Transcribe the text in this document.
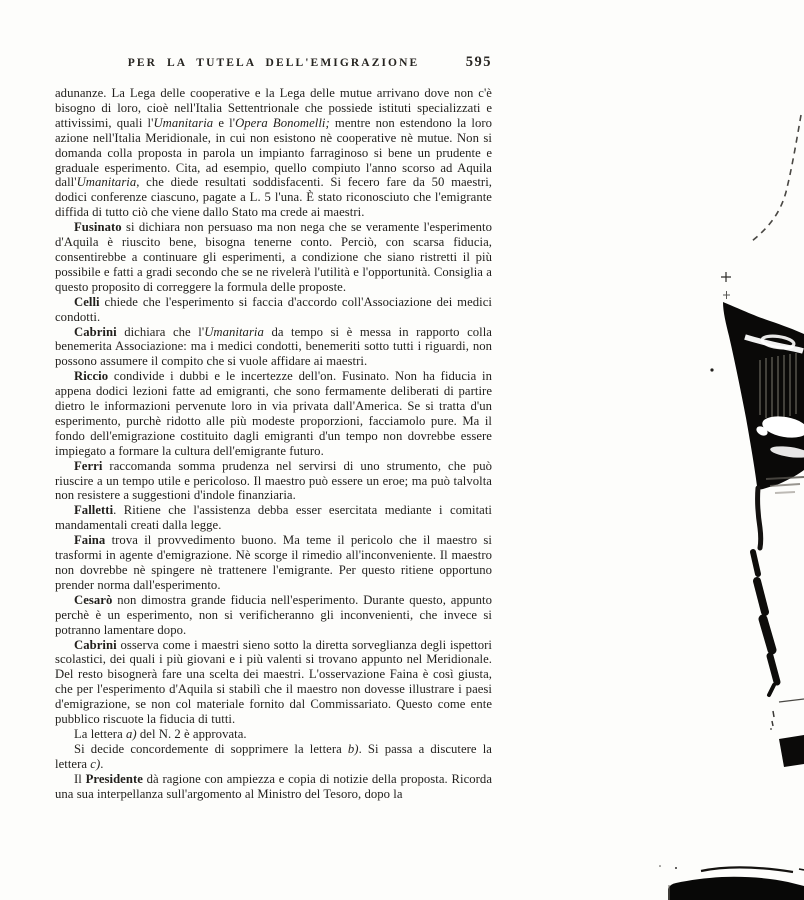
PER LA TUTELA DELL'EMIGRAZIONE	595

adunanze. La Lega delle cooperative e la Lega delle mutue arrivano dove non c'è bisogno di loro, cioè nell'Italia Settentrionale che possiede istituti specializzati e attivissimi, quali l'Umanitaria e l'Opera Bonomelli; mentre non estendono la loro azione nell'Italia Meridionale, in cui non esistono nè cooperative nè mutue. Non si domanda colla proposta in parola un impianto farraginoso si bene un prudente e graduale esperimento. Cita, ad esempio, quello compiuto l'anno scorso ad Aquila dall'Umanitaria, che diede resultati soddisfacenti. Si fecero fare da 50 maestri, dodici conferenze ciascuno, pagate a L. 5 l'una. È stato riconosciuto che l'emigrante diffida di tutto ciò che viene dallo Stato ma crede ai maestri.

Fusinato si dichiara non persuaso ma non nega che se veramente l'esperimento d'Aquila è riuscito bene, bisogna tenerne conto. Perciò, con scarsa fiducia, consentirebbe a continuare gli esperimenti, a condizione che siano ristretti il più possibile e fatti a gradi secondo che se ne rivelerà l'utilità e l'opportunità. Consiglia a questo proposito di correggere la formula delle proposte.

Celli chiede che l'esperimento si faccia d'accordo coll'Associazione dei medici condotti.

Cabrini dichiara che l'Umanitaria da tempo si è messa in rapporto colla benemerita Associazione: ma i medici condotti, benemeriti sotto tutti i riguardi, non possono assumere il compito che si vuole affidare ai maestri.

Riccio condivide i dubbi e le incertezze dell'on. Fusinato. Non ha fiducia in appena dodici lezioni fatte ad emigranti, che sono fermamente deliberati di partire dietro le informazioni pervenute loro in via privata dall'America. Se si tratta d'un esperimento, purchè ridotto alle più modeste proporzioni, facciamolo pure. Ma il fondo dell'emigrazione costituito dagli emigranti d'un tempo non dovrebbe essere impiegato a formare la cultura dell'emigrante futuro.

Ferri raccomanda somma prudenza nel servirsi di uno strumento, che può riuscire a un tempo utile e pericoloso. Il maestro può essere un eroe; ma può talvolta non resistere a suggestioni d'indole finanziaria.

Falletti. Ritiene che l'assistenza debba esser esercitata mediante i comitati mandamentali creati dalla legge.

Faina trova il provvedimento buono. Ma teme il pericolo che il maestro si trasformi in agente d'emigrazione. Nè scorge il rimedio all'inconveniente. Il maestro non dovrebbe nè spingere nè trattenere l'emigrante. Per questo ritiene opportuno prender norma dall'esperimento.

Cesarò non dimostra grande fiducia nell'esperimento. Durante questo, appunto perchè è un esperimento, non si verificheranno gli inconvenienti, che invece si potranno lamentare dopo.

Cabrini osserva come i maestri sieno sotto la diretta sorveglianza degli ispettori scolastici, dei quali i più giovani e i più valenti si trovano appunto nel Meridionale. Del resto bisognerà fare una scelta dei maestri. L'osservazione Faina è così giusta, che per l'esperimento d'Aquila si stabilì che il maestro non dovesse illustrare i paesi d'emigrazione, se non col materiale fornito dal Commissariato. Questo come ente pubblico riscuote la fiducia di tutti.

La lettera a) del N. 2 è approvata.

Si decide concordemente di sopprimere la lettera b). Si passa a discutere la lettera c).

Il Presidente dà ragione con ampiezza e copia di notizie della proposta. Ricorda una sua interpellanza sull'argomento al Ministro del Tesoro, dopo la
